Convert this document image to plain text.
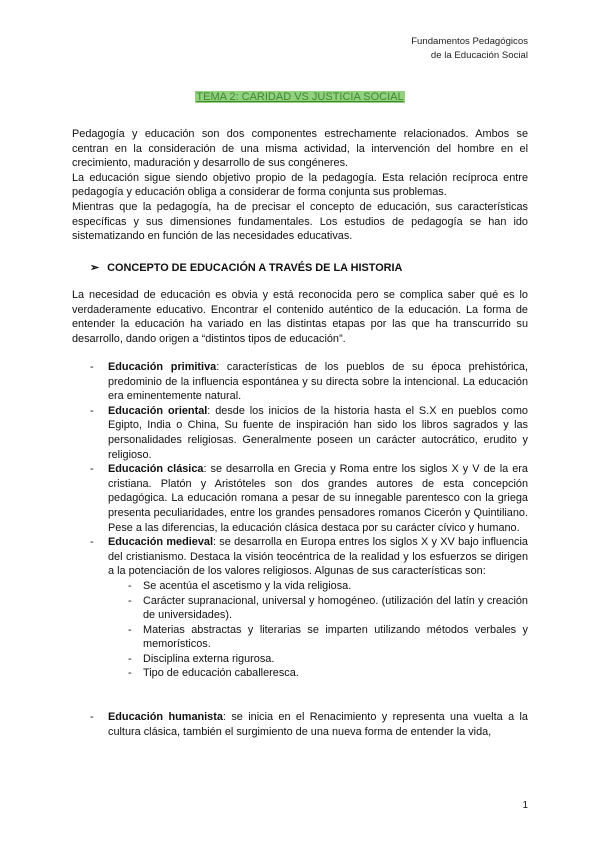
Fundamentos Pedagógicos
de la Educación Social
TEMA 2: CARIDAD VS JUSTICIA SOCIAL

Pedagogía y educación son dos componentes estrechamente relacionados. Ambos se centran en la consideración de una misma actividad, la intervención del hombre en el crecimiento, maduración y desarrollo de sus congéneres.

La educación sigue siendo objetivo propio de la pedagogía. Esta relación recíproca entre pedagogía y educación obliga a considerar de forma conjunta sus problemas.

Mientras que la pedagogía, ha de precisar el concepto de educación, sus características específicas y sus dimensiones fundamentales. Los estudios de pedagogía se han ido sistematizando en función de las necesidades educativas.

➢ CONCEPTO DE EDUCACIÓN A TRAVÉS DE LA HISTORIA
La necesidad de educación es obvia y está reconocida pero se complica saber qué es lo verdaderamente educativo. Encontrar el contenido auténtico de la educación. La forma de entender la educación ha variado en las distintas etapas por las que ha transcurrido su desarrollo, dando origen a “distintos tipos de educación”.
- Educación primitiva: características de los pueblos de su época prehistórica, predominio de la influencia espontánea y su directa sobre la intencional. La educación era eminentemente natural.
- Educación oriental: desde los inicios de la historia hasta el S.X en pueblos como Egipto, India o China, Su fuente de inspiración han sido los libros sagrados y las personalidades religiosas. Generalmente poseen un carácter autocrático, erudito y religioso.
- Educación clásica: se desarrolla en Grecia y Roma entre los siglos X y V de la era cristiana. Platón y Aristóteles son dos grandes autores de esta concepción pedagógica. La educación romana a pesar de su innegable parentesco con la griega presenta peculiaridades, entre los grandes pensadores romanos Cicerón y Quintiliano. Pese a las diferencias, la educación clásica destaca por su carácter cívico y humano.
- Educación medieval: se desarrolla en Europa entres los siglos X y XV bajo influencia del cristianismo. Destaca la visión teocéntrica de la realidad y los esfuerzos se dirigen a la potenciación de los valores religiosos. Algunas de sus características son:
- Se acentúa el ascetismo y la vida religiosa.
- Carácter supranacional, universal y homogéneo. (utilización del latín y creación de universidades).
- Materias abstractas y literarias se imparten utilizando métodos verbales y memorísticos.
- Disciplina externa rigurosa.
- Tipo de educación caballeresca.
- Educación humanista: se inicia en el Renacimiento y representa una vuelta a la cultura clásica, también el surgimiento de una nueva forma de entender la vida,
1
